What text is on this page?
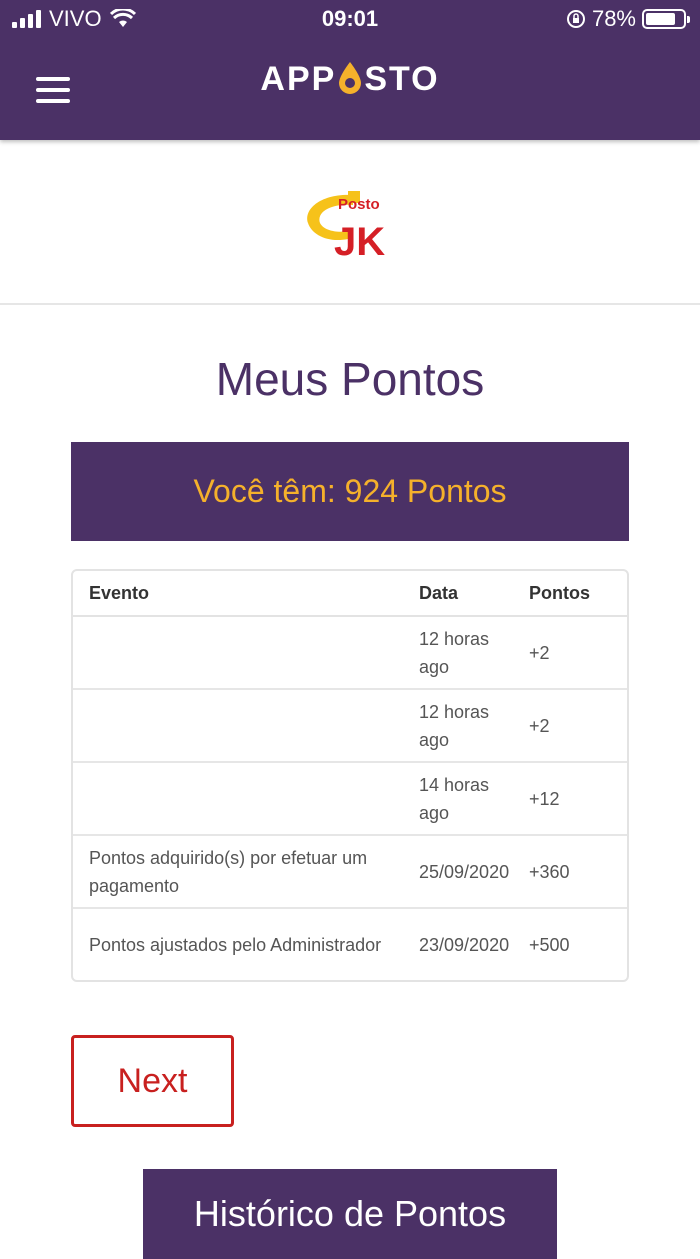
VIVO	09:01	78%
APP STO
Posto
JK
Meus Pontos
Você têm: 924 Pontos
Evento	Data	Pontos
	12 horas ago	+2
	12 horas ago	+2
	14 horas ago	+12
Pontos adquirido(s) por efetuar um pagamento	25/09/2020	+360
Pontos ajustados pelo Administrador	23/09/2020	+500
Next
Histórico de Pontos
